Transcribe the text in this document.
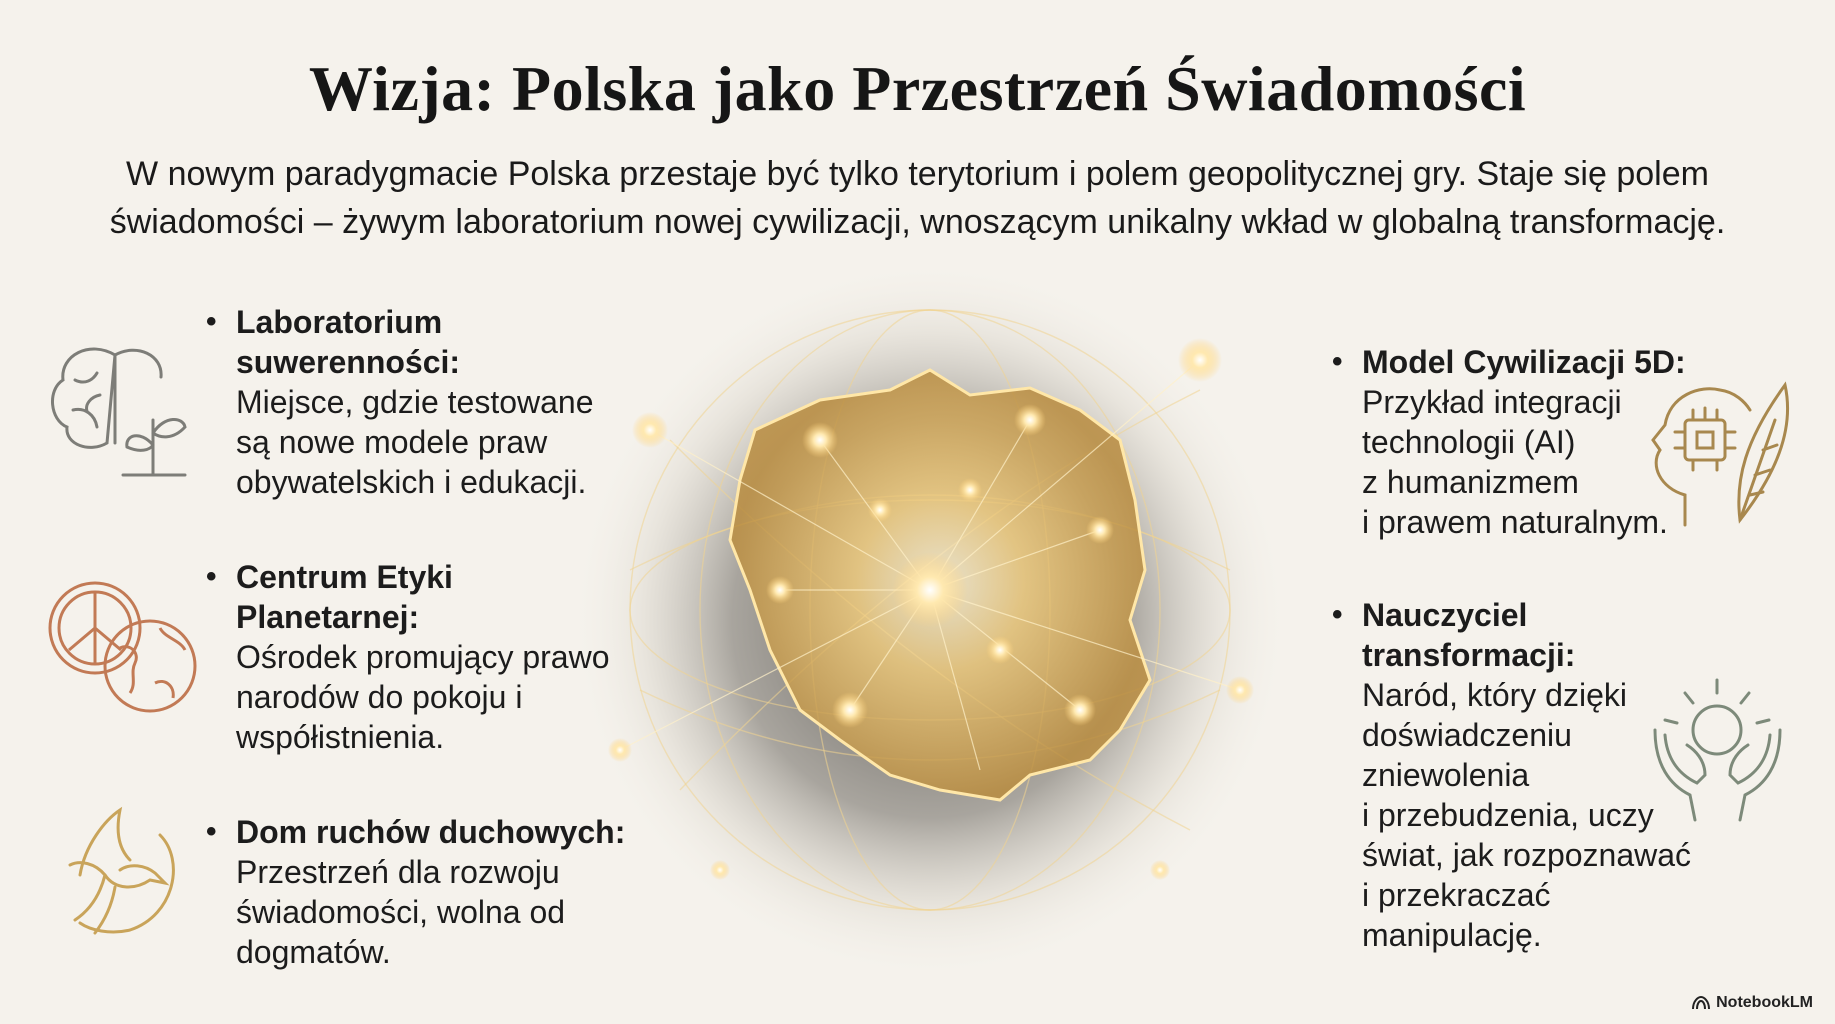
Wizja: Polska jako Przestrzeń Świadomości
W nowym paradygmacie Polska przestaje być tylko terytorium i polem geopolitycznej gry. Staje się polem
świadomości – żywym laboratorium nowej cywilizacji, wnoszącym unikalny wkład w globalną transformację.
• Laboratorium
suwerenności:
Miejsce, gdzie testowane
są nowe modele praw
obywatelskich i edukacji.
• Centrum Etyki
Planetarnej:
Ośrodek promujący prawo
narodów do pokoju i
współistnienia.
• Dom ruchów duchowych:
Przestrzeń dla rozwoju
świadomości, wolna od
dogmatów.
• Model Cywilizacji 5D:
Przykład integracji
technologii (AI)
z humanizmem
i prawem naturalnym.
• Nauczyciel
transformacji:
Naród, który dzięki
doświadczeniu
zniewolenia
i przebudzenia, uczy
świat, jak rozpoznawać
i przekraczać
manipulację.
NotebookLM
